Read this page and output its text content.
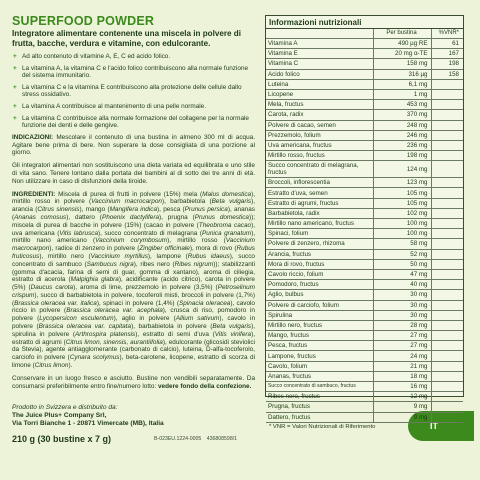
SUPERFOOD POWDER
Integratore alimentare contenente una miscela in polvere di frutta, bacche, verdura e vitamine, con edulcorante.
+ Ad alto contenuto di vitamine A, E, C ed acido folico.
+ La vitamina A, la vitamina C e l'acido folico contribuiscono alla normale funzione del sistema immunitario.
+ La vitamina C e la vitamina E contribuiscono alla protezione delle cellule dallo stress ossidativo.
+ La vitamina A contribuisce al mantenimento di una pelle normale.
+ La vitamina C contribuisce alla normale formazione del collagene per la normale funzione dei denti e delle gengive.
INDICAZIONI: Mescolare il contenuto di una bustina in almeno 300 ml di acqua. Agitare bene prima di bere. Non superare la dose consigliata di una porzione al giorno.
Gli integratori alimentari non sostituiscono una dieta variata ed equilibrata e uno stile di vita sano. Tenere lontano dalla portata dei bambini al di sotto dei tre anni di età. Non utilizzare in caso di disfunzioni della tiroide.
INGREDIENTI: Miscela di purea di frutti in polvere (15%) mela (Malus domestica), mirtillo rosso in polvere (Vaccinium macrocarpon), barbabietola (Beta vulgaris), arancia (Citrus sinensis), mango (Mangifera indica), pesca (Prunus persica), ananas (Ananas comosus), dattero (Phoenix dactylifera), prugna (Prunus domestica)); miscela di purea di bacche in polvere (15%) (cacao in polvere (Theobroma cacao), uva americana (Vitis labrusca), succo concentrato di melagrana (Punica granatum), mirtillo nano americano (Vaccinium corymbosum), mirtillo rosso (Vaccinium macrocarpon), radice di zenzero in polvere (Zingiber officinale), mora di rovo (Rubus fruticosus), mirtillo nero (Vaccinium myrtillus), lampone (Rubus idaeus), succo concentrato di sambuco (Sambucus nigra), ribes nero (Ribes nigrum)); stabilizzanti (gomma d'acacia, farina di semi di guar, gomma di xantano), aroma di ciliegia, estratto di acerola (Malpighia glabra), acidificante (acido citrico), carota in polvere (5%) (Daucus carota), aroma di lime, prezzemolo in polvere (3,5%) (Petroselinum crispum), succo di barbabietola in polvere, tocoferoli misti, broccoli in polvere (1,7%) (Brassica oleracea var. italica), spinaci in polvere (1,4%) (Spinacia oleracea), cavolo riccio in polvere (Brassica oleracea var. acephala), crusca di riso, pomodoro in polvere (Lycopersicon esculentum), aglio in polvere (Allium sativum), cavolo in polvere (Brassica oleracea var. capitata), barbabietola in polvere (Beta vulgaris), spirulina in polvere (Arthrospira platensis), estratto di semi d'uva (Vitis vinifera), estratto di agrumi (Citrus limon, sinensis, aurantiifolia), edulcorante (glicosidi steviolici da Stevia), agente antiagglomerante (carbonato di calcio), luteina, D-alfa-tocoferolo, carciofo in polvere (Cynara scolymus), beta-carotene, licopene, estratto di scorza di limone (Citrus limon).
Conservare in un luogo fresco e asciutto. Bustine non vendibili separatamente. Da consumarsi preferibilmente entro fine/numero lotto: vedere fondo della confezione.
Prodotto in Svizzera e distribuito da:
The Juice Plus+ Company Srl,
Via Torri Bianche 1 - 20871 Vimercate (MB), Italia
210 g (30 bustine x 7 g)	B-023EU.1224-0005 436808598/1
IT
Informazioni nutrizionali
	Per bustina	%VNR*
Vitamina A	490 µg RE	61
Vitamina E	20 mg α-TE	167
Vitamina C	158 mg	198
Acido folico	316 µg	158
Luteina	6,1 mg	
Licopene	1 mg	
Mela, fructus	453 mg	
Carota, radix	370 mg	
Polvere di cacao, semen	248 mg	
Prezzemolo, folium	246 mg	
Uva americana, fructus	236 mg	
Mirtillo rosso, fructus	198 mg	
Succo concentrato di melagrana, fructus	124 mg	
Broccoli, inflorescentia	123 mg	
Estratto d'uva, semen	105 mg	
Estratto di agrumi, fructus	105 mg	
Barbabietola, radix	102 mg	
Mirtillo nano americano, fructus	100 mg	
Spinaci, folium	100 mg	
Polvere di zenzero, rhizoma	58 mg	
Arancia, fructus	52 mg	
Mora di rovo, fructus	50 mg	
Cavolo riccio, folium	47 mg	
Pomodoro, fructus	40 mg	
Aglio, bulbus	30 mg	
Polvere di carciofo, folium	30 mg	
Spirulina	30 mg	
Mirtillo nero, fructus	28 mg	
Mango, fructus	27 mg	
Pesca, fructus	27 mg	
Lampone, fructus	24 mg	
Cavolo, folium	21 mg	
Ananas, fructus	18 mg	
Succo concentrato di sambuco, fructus	16 mg	
Ribes nero, fructus	12 mg	
Prugna, fructus	9 mg	
Dattero, fructus	9 mg	
* VNR = Valori Nutrizionali di Riferimento
